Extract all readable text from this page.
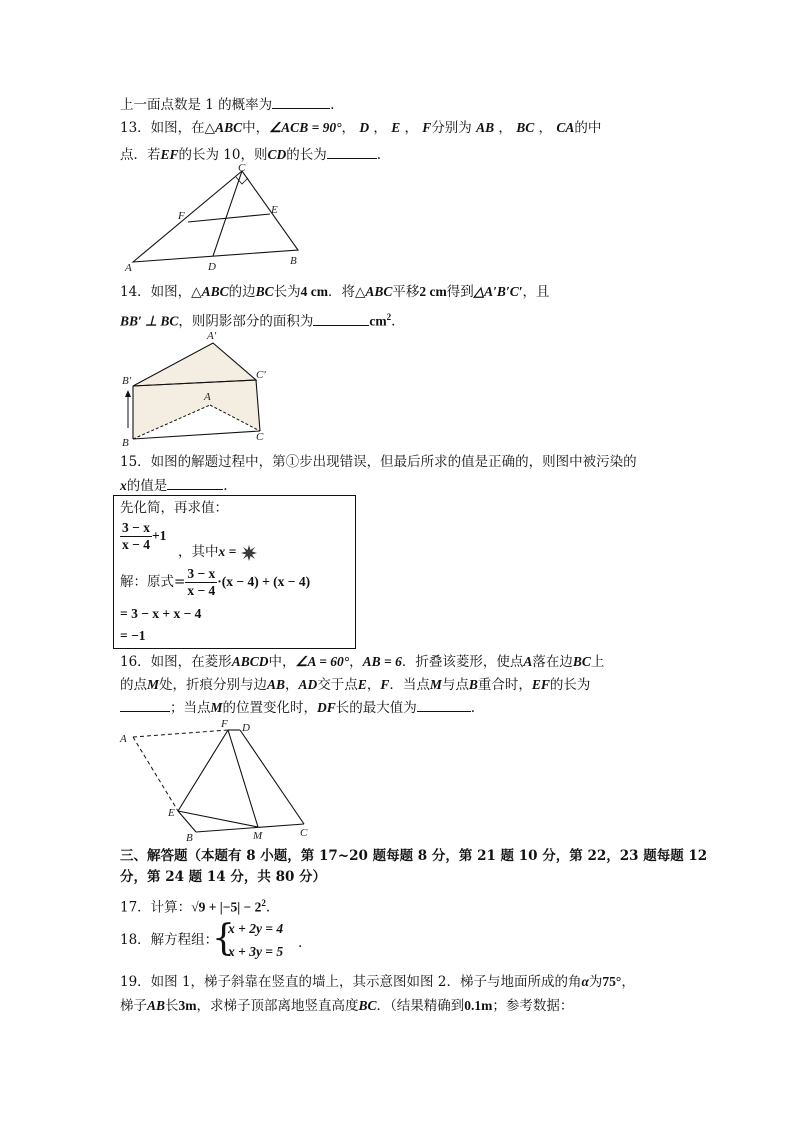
上一面点数是 1 的概率为	.
13．如图，在△ABC中，∠ACB = 90°， D ， E ， F分别为 AB ， BC ， CA的中
点．若EF的长为 10，则CD的长为	.
C
F	E
A	D	B
14．如图，△ABC的边BC长为4 cm．将△ABC平移2 cm得到△A′B′C′，且
BB′ ⊥ BC，则阴影部分的面积为	$cm^2$.
A′
B′	C′
A
B	C
15．如图的解题过程中，第①步出现错误，但最后所求的值是正确的，则图中被污染的
x的值是	.
先化简，再求值：
$\frac{3 - x}{x - 4} +1$
，其中x =
解：原式= $\frac{3 - x}{x - 4} \cdot(x - 4) + (x - 4)$
= 3 − x + x − 4
= −1
16．如图，在菱形ABCD中，∠A = 60°，AB = 6．折叠该菱形，使点A落在边BC上
的点M处，折痕分别与边AB，AD交于点E，F．当点M与点B重合时，EF的长为
；当点M的位置变化时，DF长的最大值为	.
A
F D
E
B	M	C
三、解答题（本题有 8 小题，第 17~20 题每题 8 分，第 21 题 10 分，第 22，23 题每题 12
分，第 24 题 14 分，共 80 分）
17．计算：$√9 + |-5| - 2^2$.
18．解方程组：
{
x + 2y = 4
x + 3y = 5
.
19．如图 1，梯子斜靠在竖直的墙上，其示意图如图 2．梯子与地面所成的角α为75°，
梯子AB长3m，求梯子顶部离地竖直高度BC．（结果精确到0.1m；参考数据：
